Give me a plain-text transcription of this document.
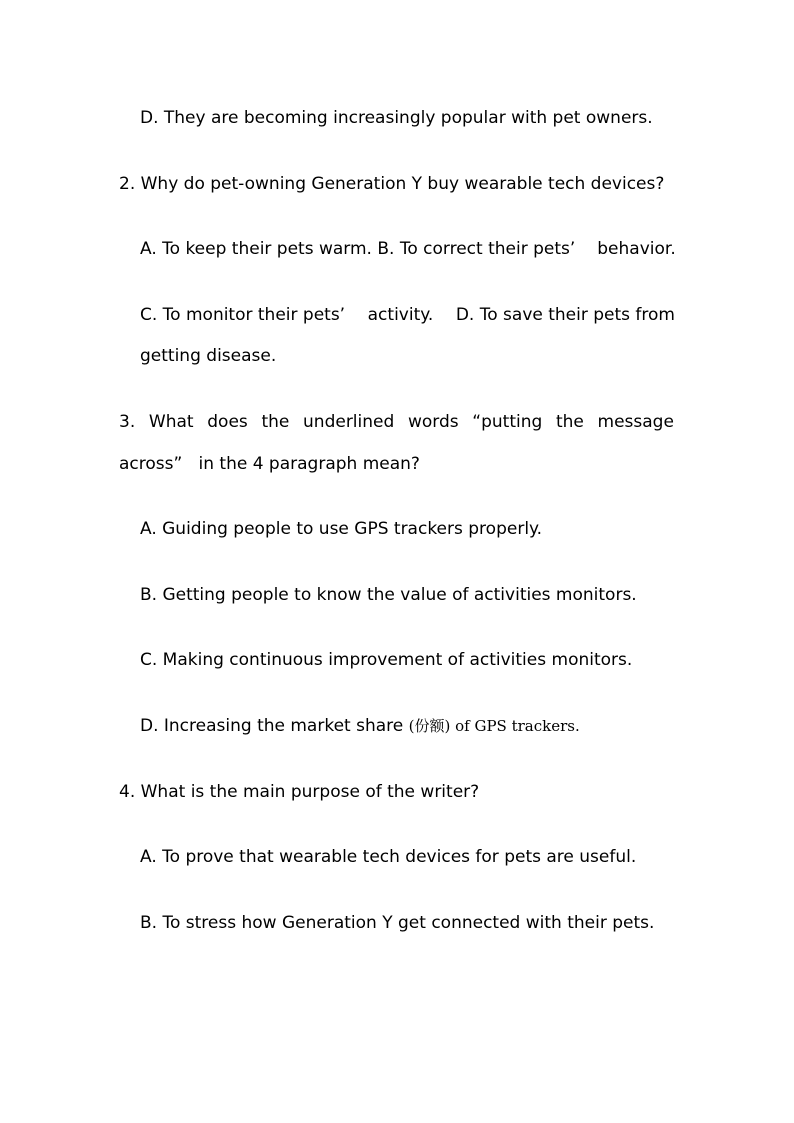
D. They are becoming increasingly popular with pet owners.
2. Why do pet-owning Generation Y buy wearable tech devices?
A. To keep their pets warm. B. To correct their pets’ behavior.
C. To monitor their pets’ activity. D. To save their pets from
getting disease.
3. What does the underlined words “putting the message
across”   in the 4 paragraph mean?
A. Guiding people to use GPS trackers properly.
B. Getting people to know the value of activities monitors.
C. Making continuous improvement of activities monitors.
D. Increasing the market share (份额) of GPS trackers.
4. What is the main purpose of the writer?
A. To prove that wearable tech devices for pets are useful.
B. To stress how Generation Y get connected with their pets.
